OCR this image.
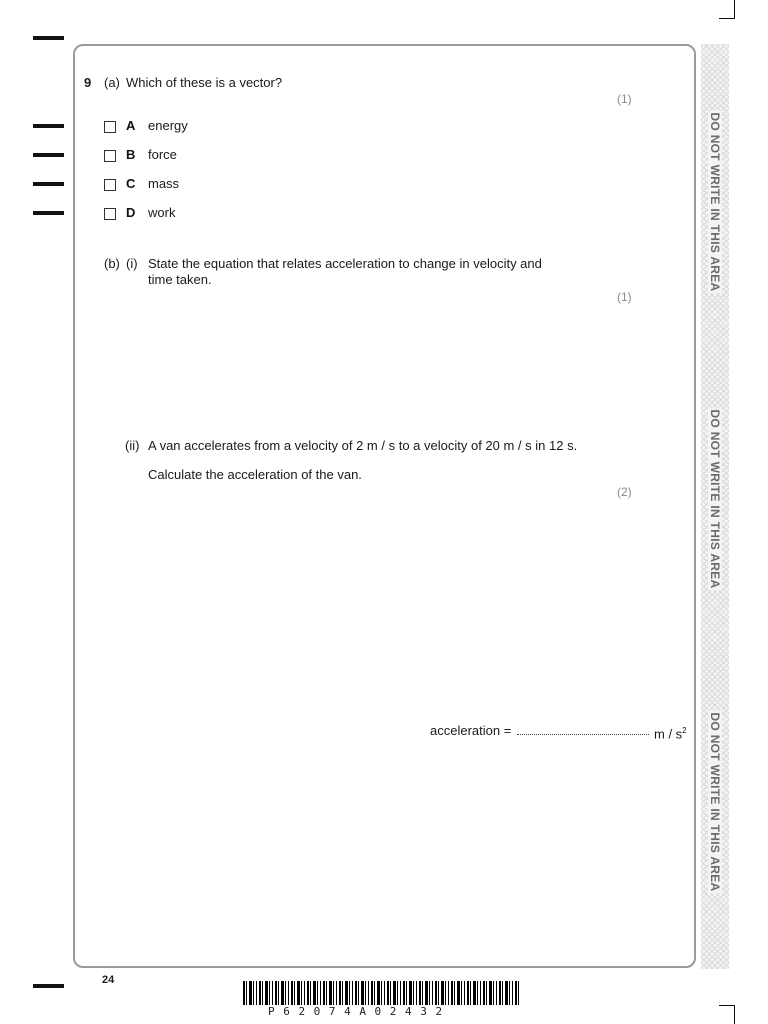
DO NOT WRITE IN THIS AREA
DO NOT WRITE IN THIS AREA
DO NOT WRITE IN THIS AREA
9 (a) Which of these is a vector?
(1)
A energy
B force
C mass
D work
(b) (i) State the equation that relates acceleration to change in velocity and
time taken.
(1)
(ii) A van accelerates from a velocity of 2 m / s to a velocity of 20 m / s in 12 s.
Calculate the acceleration of the van.
(2)
acceleration =	m / $s^2$
24
P62074A02432
